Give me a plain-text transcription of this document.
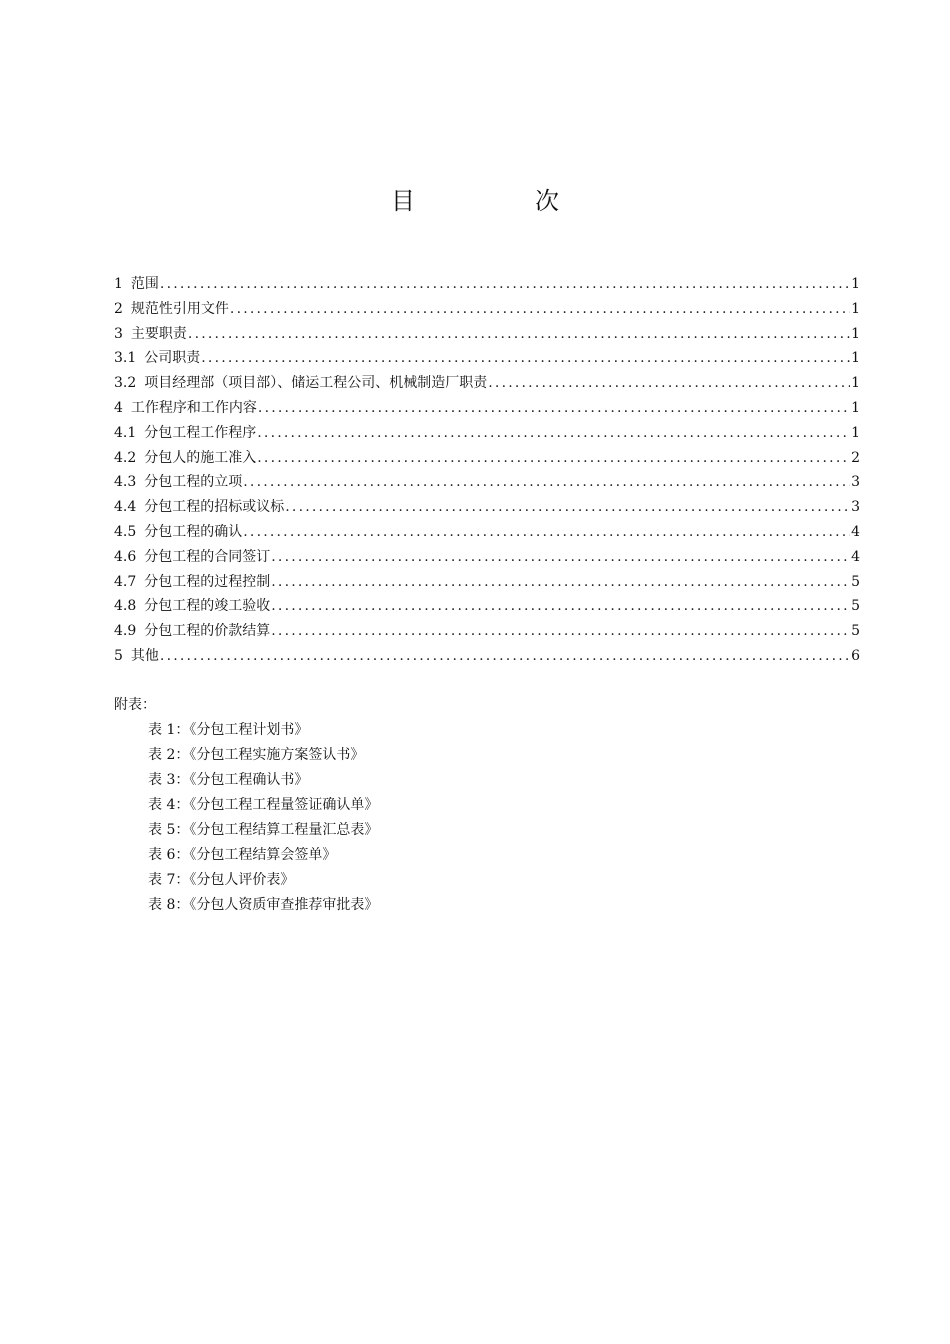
目　次
1 范围 .....	1
2 规范性引用文件 .....	1
3 主要职责 .....	1
3.1 公司职责 .....	1
3.2 项目经理部（项目部）、储运工程公司、机械制造厂职责 .....	1
4 工作程序和工作内容 .....	1
4.1 分包工程工作程序 .....	1
4.2 分包人的施工准入 .....	2
4.3 分包工程的立项 .....	3
4.4 分包工程的招标或议标 .....	3
4.5 分包工程的确认 .....	4
4.6 分包工程的合同签订 .....	4
4.7 分包工程的过程控制 .....	5
4.8 分包工程的竣工验收 .....	5
4.9 分包工程的价款结算 .....	5
5 其他 .....	6
附表：
表 1：《分包工程计划书》
表 2：《分包工程实施方案签认书》
表 3：《分包工程确认书》
表 4：《分包工程工程量签证确认单》
表 5：《分包工程结算工程量汇总表》
表 6：《分包工程结算会签单》
表 7：《分包人评价表》
表 8：《分包人资质审查推荐审批表》
